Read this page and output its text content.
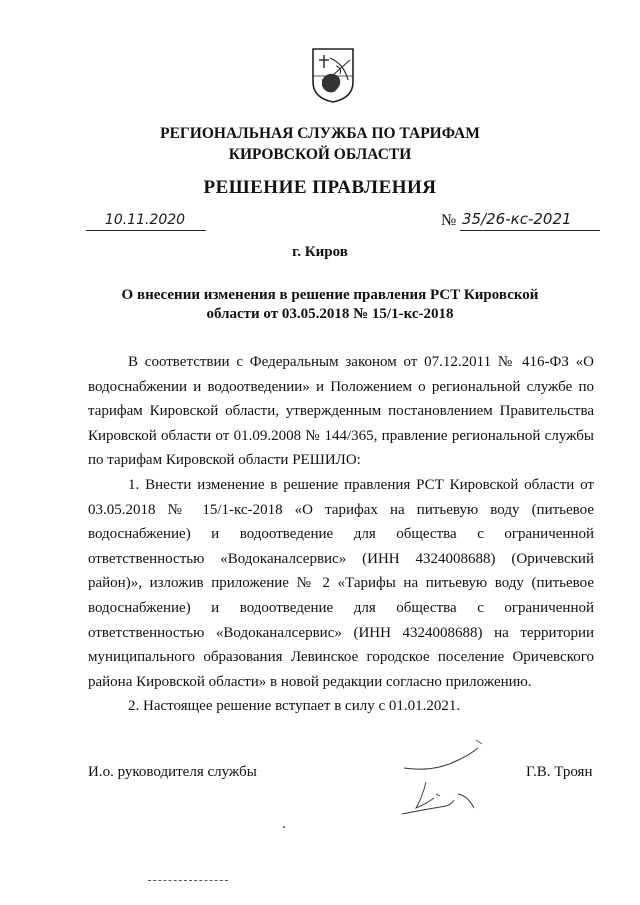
РЕГИОНАЛЬНАЯ СЛУЖБА ПО ТАРИФАМ
КИРОВСКОЙ ОБЛАСТИ
РЕШЕНИЕ ПРАВЛЕНИЯ
10.11.2020	№ 35/26-кс-2021
г. Киров
О внесении изменения в решение правления РСТ Кировской области от 03.05.2018 № 15/1-кс-2018

В соответствии с Федеральным законом от 07.12.2011 № 416-ФЗ «О водоснабжении и водоотведении» и Положением о региональной службе по тарифам Кировской области, утвержденным постановлением Правительства Кировской области от 01.09.2008 № 144/365, правление региональной службы по тарифам Кировской области РЕШИЛО:

1. Внести изменение в решение правления РСТ Кировской области от 03.05.2018 № 15/1-кс-2018 «О тарифах на питьевую воду (питьевое водоснабжение) и водоотведение для общества с ограниченной ответственностью «Водоканалсервис» (ИНН 4324008688) (Оричевский район)», изложив приложение № 2 «Тарифы на питьевую воду (питьевое водоснабжение) и водоотведение для общества с ограниченной ответственностью «Водоканалсервис» (ИНН 4324008688) на территории муниципального образования Левинское городское поселение Оричевского района Кировской области» в новой редакции согласно приложению.

2. Настоящее решение вступает в силу с 01.01.2021.

И.о. руководителя службы	Г.В. Троян
